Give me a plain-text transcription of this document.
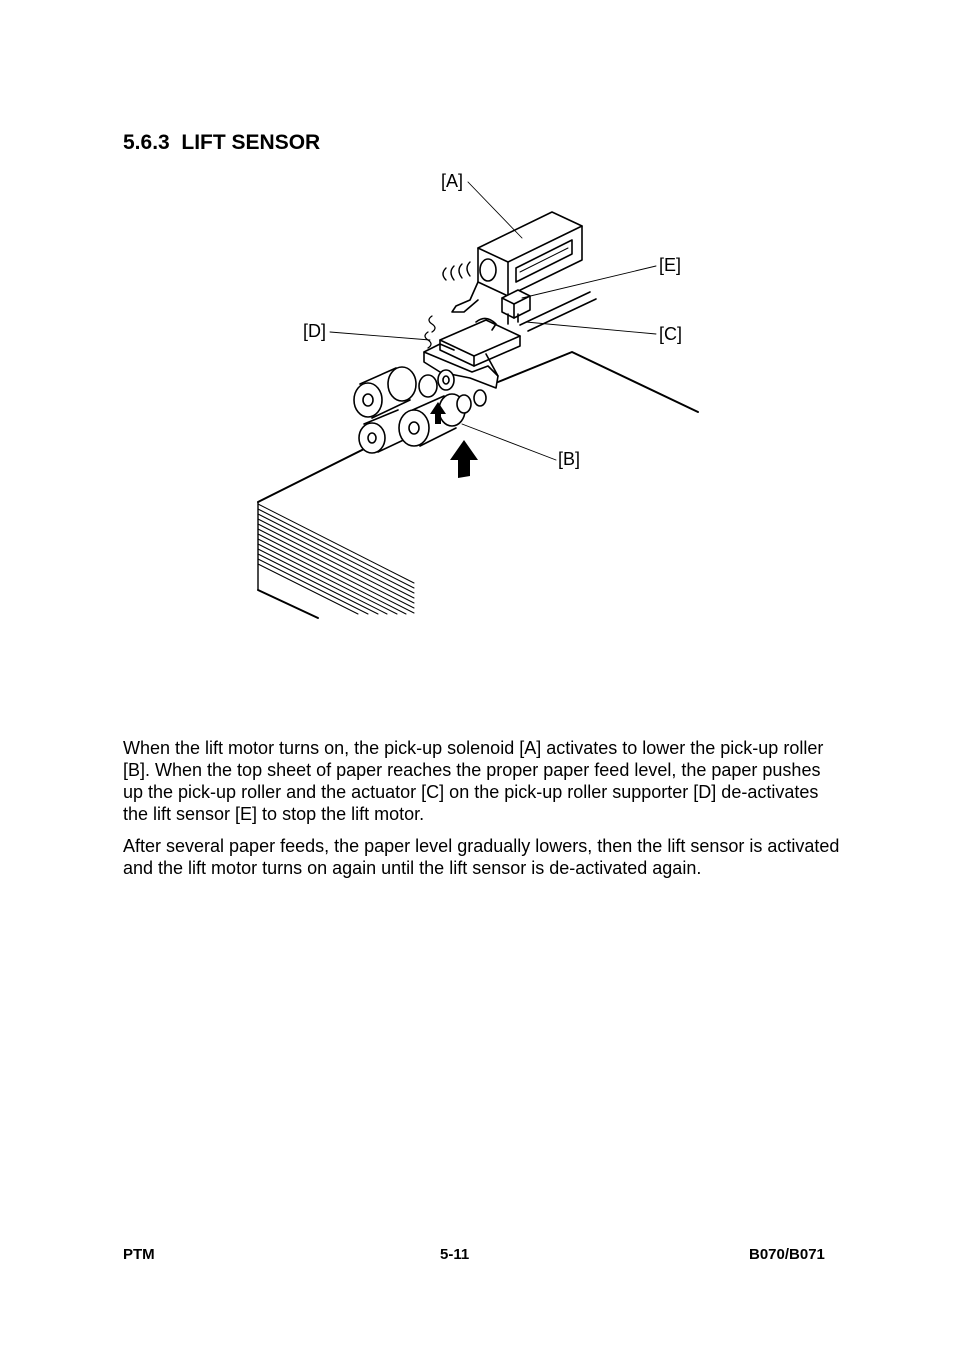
5.6.3  LIFT SENSOR
[A]
[E]
[D]	[C]
[B]

When the lift motor turns on, the pick-up solenoid [A] activates to lower the pick-up roller [B]. When the top sheet of paper reaches the proper paper feed level, the paper pushes up the pick-up roller and the actuator [C] on the pick-up roller supporter [D] de-activates the lift sensor [E] to stop the lift motor.

After several paper feeds, the paper level gradually lowers, then the lift sensor is activated and the lift motor turns on again until the lift sensor is de-activated again.

PTM	5-11	B070/B071
